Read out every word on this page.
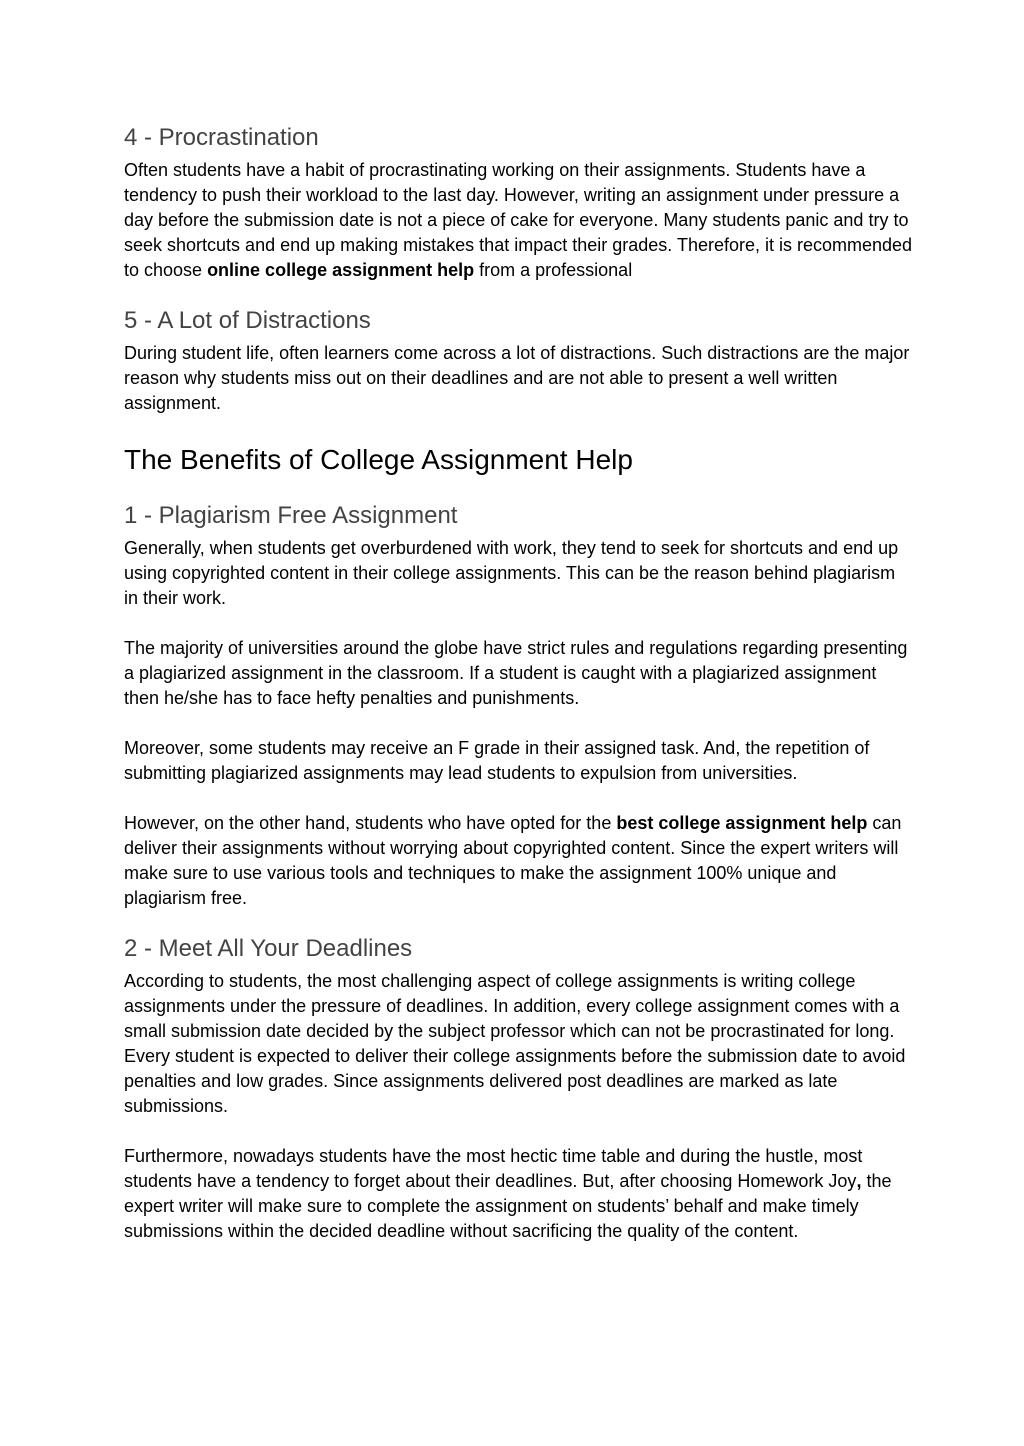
4 - Procrastination

Often students have a habit of procrastinating working on their assignments. Students have a tendency to push their workload to the last day. However, writing an assignment under pressure a day before the submission date is not a piece of cake for everyone. Many students panic and try to seek shortcuts and end up making mistakes that impact their grades. Therefore, it is recommended to choose online college assignment help from a professional

5 - A Lot of Distractions

During student life, often learners come across a lot of distractions. Such distractions are the major reason why students miss out on their deadlines and are not able to present a well written assignment.

The Benefits of College Assignment Help
1 - Plagiarism Free Assignment

Generally, when students get overburdened with work, they tend to seek for shortcuts and end up using copyrighted content in their college assignments. This can be the reason behind plagiarism in their work.

The majority of universities around the globe have strict rules and regulations regarding presenting a plagiarized assignment in the classroom. If a student is caught with a plagiarized assignment then he/she has to face hefty penalties and punishments.

Moreover, some students may receive an F grade in their assigned task. And, the repetition of submitting plagiarized assignments may lead students to expulsion from universities.

However, on the other hand, students who have opted for the best college assignment help can deliver their assignments without worrying about copyrighted content. Since the expert writers will make sure to use various tools and techniques to make the assignment 100% unique and plagiarism free.

2 - Meet All Your Deadlines

According to students, the most challenging aspect of college assignments is writing college assignments under the pressure of deadlines. In addition, every college assignment comes with a small submission date decided by the subject professor which can not be procrastinated for long. Every student is expected to deliver their college assignments before the submission date to avoid penalties and low grades. Since assignments delivered post deadlines are marked as late submissions.

Furthermore, nowadays students have the most hectic time table and during the hustle, most students have a tendency to forget about their deadlines. But, after choosing Homework Joy, the expert writer will make sure to complete the assignment on students’ behalf and make timely submissions within the decided deadline without sacrificing the quality of the content.
